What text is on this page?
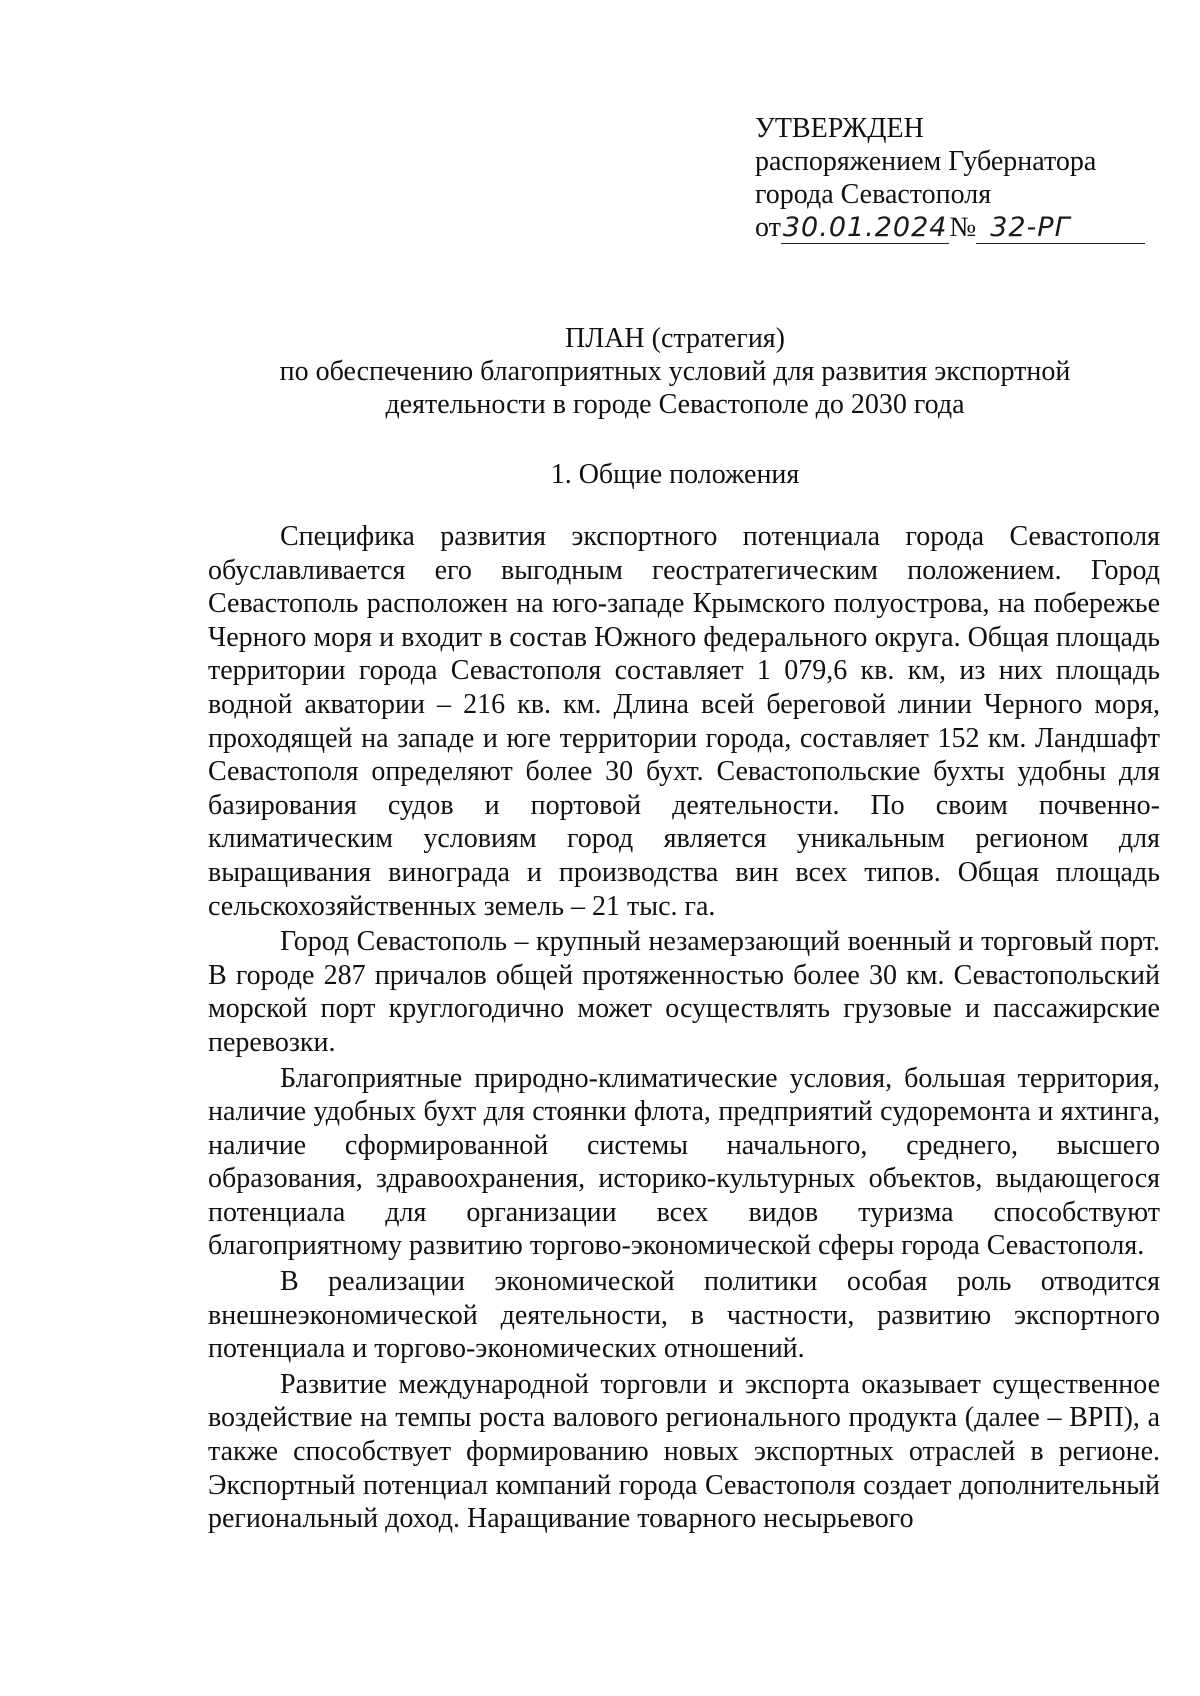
УТВЕРЖДЕН
распоряжением Губернатора
города Севастополя
от30.01.2024№ 32-РГ
ПЛАН (стратегия)
по обеспечению благоприятных условий для развития экспортной
деятельности в городе Севастополе до 2030 года
1. Общие положения

Специфика развития экспортного потенциала города Севастополя обуславливается его выгодным геостратегическим положением. Город Севастополь расположен на юго-западе Крымского полуострова, на побережье Черного моря и входит в состав Южного федерального округа. Общая площадь территории города Севастополя составляет 1 079,6 кв. км, из них площадь водной акватории – 216 кв. км. Длина всей береговой линии Черного моря, проходящей на западе и юге территории города, составляет 152 км. Ландшафт Севастополя определяют более 30 бухт. Севастопольские бухты удобны для базирования судов и портовой деятельности. По своим почвенно-климатическим условиям город является уникальным регионом для выращивания винограда и производства вин всех типов. Общая площадь сельскохозяйственных земель – 21 тыс. га.

Город Севастополь – крупный незамерзающий военный и торговый порт. В городе 287 причалов общей протяженностью более 30 км. Севастопольский морской порт круглогодично может осуществлять грузовые и пассажирские перевозки.

Благоприятные природно-климатические условия, большая территория, наличие удобных бухт для стоянки флота, предприятий судоремонта и яхтинга, наличие сформированной системы начального, среднего, высшего образования, здравоохранения, историко-культурных объектов, выдающегося потенциала для организации всех видов туризма способствуют благоприятному развитию торгово-экономической сферы города Севастополя.

В реализации экономической политики особая роль отводится внешнеэкономической деятельности, в частности, развитию экспортного потенциала и торгово-экономических отношений.

Развитие международной торговли и экспорта оказывает существенное воздействие на темпы роста валового регионального продукта (далее – ВРП), а также способствует формированию новых экспортных отраслей в регионе. Экспортный потенциал компаний города Севастополя создает дополнительный региональный доход. Наращивание товарного несырьевого
